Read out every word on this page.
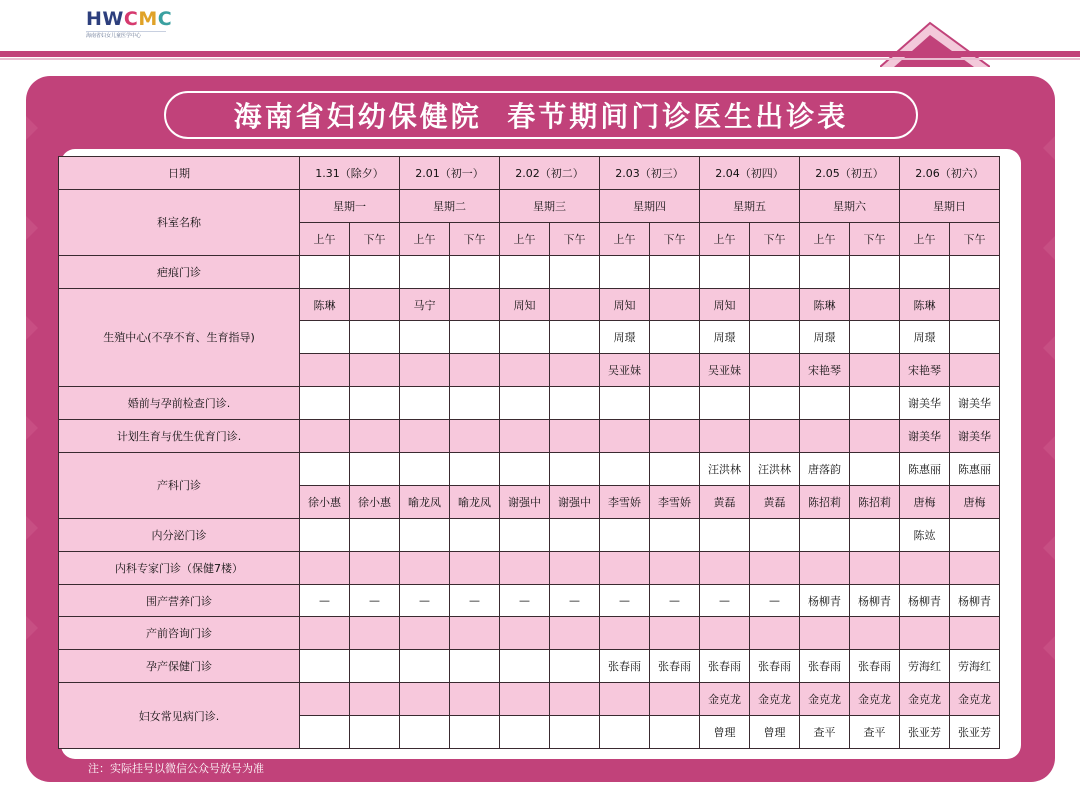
H W C M C
海南省妇女儿童医学中心
海南省妇幼保健院  春节期间门诊医生出诊表
日期	1.31（除夕）		2.01（初一）		2.02（初二）		2.03（初三）		2.04（初四）		2.05（初五）		2.06（初六）	
科室名称	星期一		星期二		星期三		星期四		星期五		星期六		星期日	
	上午	下午	上午	下午	上午	下午	上午	下午	上午	下午	上午	下午	上午	下午
疤痕门诊														
生殖中心(不孕不育、生育指导)	陈琳		马宁		周知		周知		周知		陈琳		陈琳	
							周璟		周璟		周璟		周璟	
							吴亚妹		吴亚妹		宋艳琴		宋艳琴	
婚前与孕前检查门诊.													谢美华	谢美华
计划生育与优生优育门诊.													谢美华	谢美华
产科门诊									汪洪林	汪洪林	唐落韵		陈惠丽	陈惠丽
	徐小惠	徐小惠	喻龙凤	喻龙凤	谢强中	谢强中	李雪娇	李雪娇	黄磊	黄磊	陈招莉	陈招莉	唐梅	唐梅
内分泌门诊													陈竑	
内科专家门诊（保健7楼）														
围产营养门诊	—	—	—	—	—	—	—	—	—	—	杨柳青	杨柳青	杨柳青	杨柳青
产前咨询门诊														
孕产保健门诊							张春雨	张春雨	张春雨	张春雨	张春雨	张春雨	劳海红	劳海红
妇女常见病门诊.									金克龙	金克龙	金克龙	金克龙	金克龙	金克龙
									曾理	曾理	查平	查平	张亚芳	张亚芳
注：实际挂号以微信公众号放号为准
